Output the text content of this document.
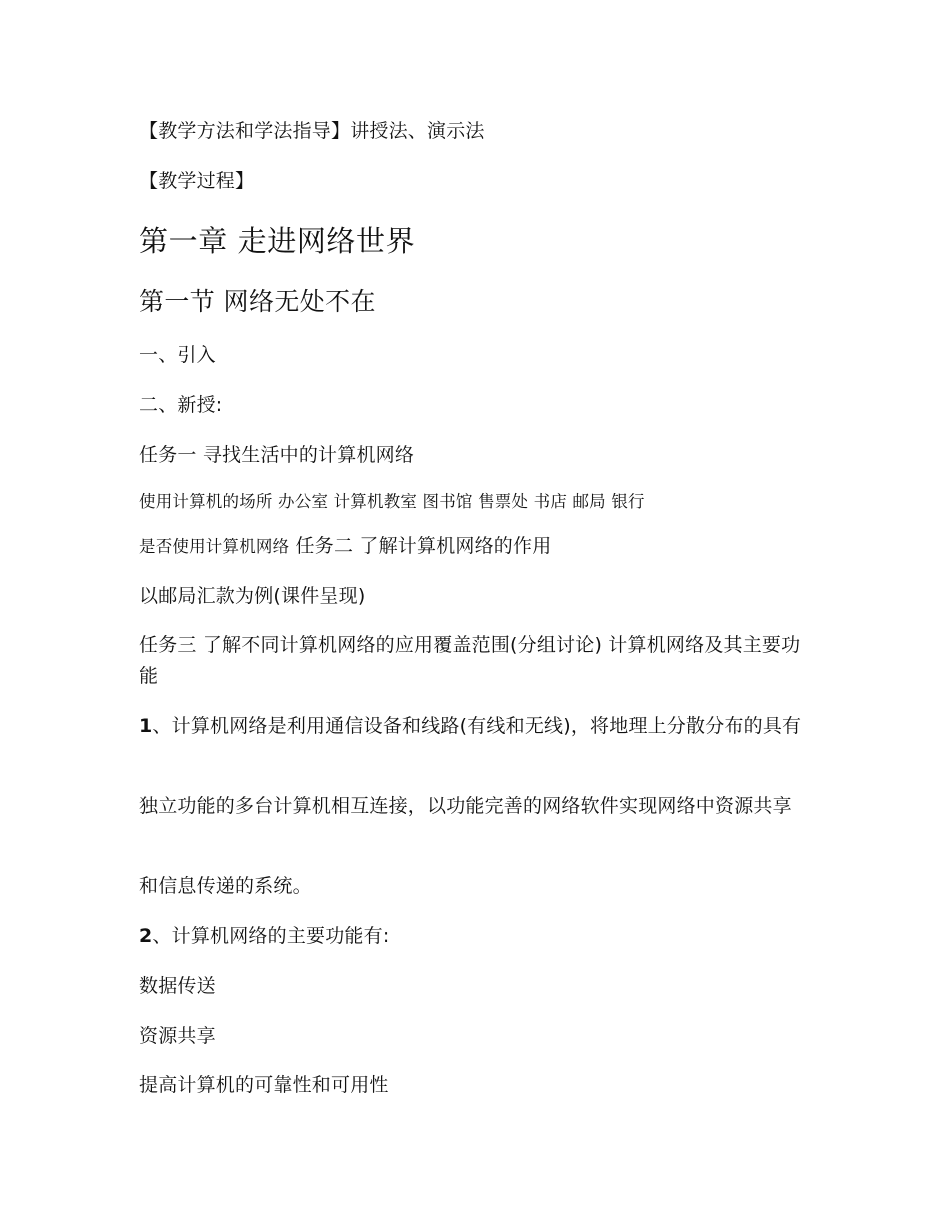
【教学方法和学法指导】讲授法、演示法
【教学过程】
第一章 走进网络世界
第一节 网络无处不在
一、引入
二、新授:
任务一 寻找生活中的计算机网络
使用计算机的场所 办公室 计算机教室 图书馆 售票处 书店 邮局 银行
是否使用计算机网络 任务二 了解计算机网络的作用
以邮局汇款为例(课件呈现)
任务三 了解不同计算机网络的应用覆盖范围(分组讨论) 计算机网络及其主要功能
1、计算机网络是利用通信设备和线路(有线和无线)，将地理上分散分布的具有
独立功能的多台计算机相互连接，以功能完善的网络软件实现网络中资源共享
和信息传递的系统。
2、计算机网络的主要功能有:
数据传送
资源共享
提高计算机的可靠性和可用性
